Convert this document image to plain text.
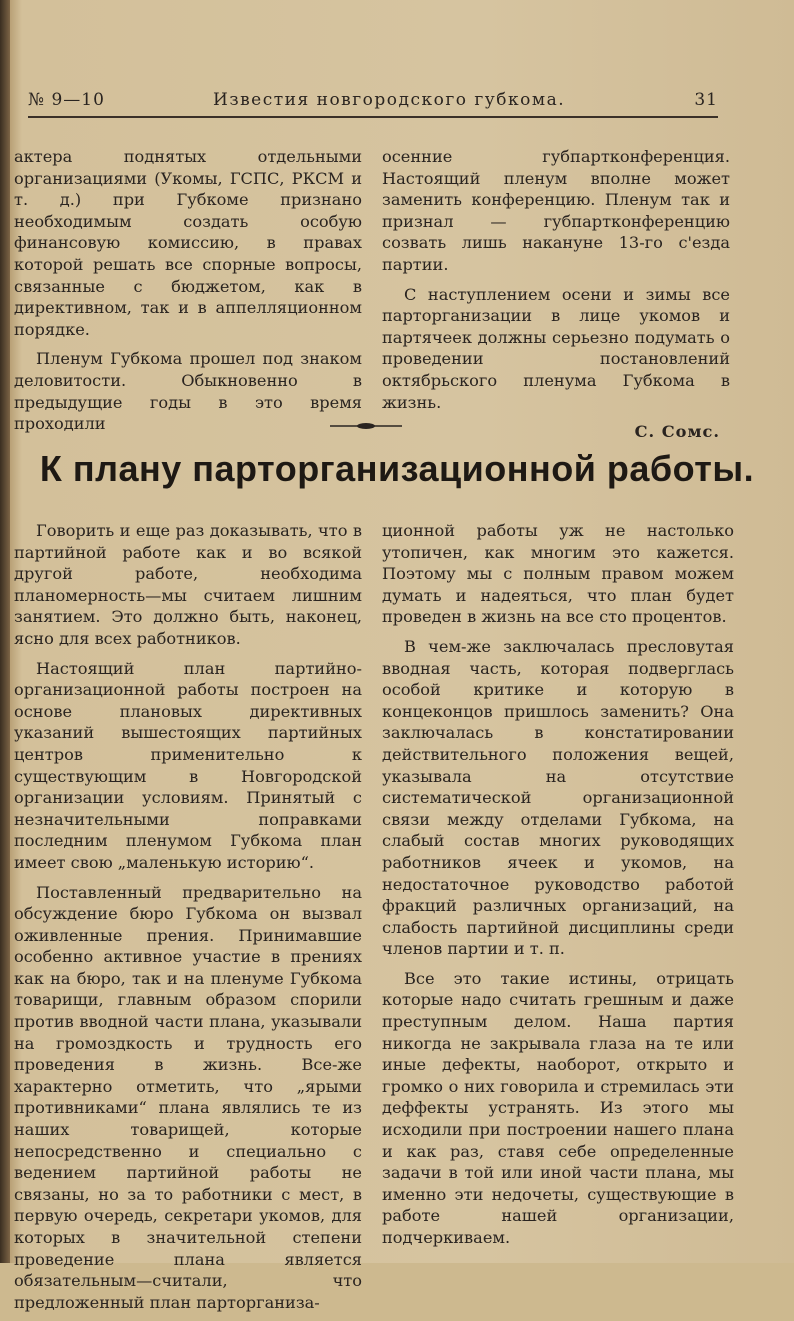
№ 9—10	Известия новгородского губкома.	31

актера поднятых отдельными организациями (Укомы, ГСПС, РКСМ и т. д.) при Губкоме признано необходимым создать особую финансовую комиссию, в правах которой решать все спорные вопросы, связанные с бюджетом, как в директивном, так и в аппелляционном порядке.

Пленум Губкома прошел под знаком деловитости. Обыкновенно в предыдущие годы в это время проходили

осенние губпартконференция. Настоящий пленум вполне может заменить конференцию. Пленум так и признал — губпартконференцию созвать лишь накануне 13-го с'езда партии.

С наступлением осени и зимы все парторганизации в лице укомов и партячеек должны серьезно подумать о проведении постановлений октябрьского пленума Губкома в жизнь.

С. Сомс.
К плану парторганизационной работы.

Говорить и еще раз доказывать, что в партийной работе как и во всякой другой работе, необходима планомерность—мы считаем лишним занятием. Это должно быть, наконец, ясно для всех работников.

Настоящий план партийно-организационной работы построен на основе плановых директивных указаний вышестоящих партийных центров применительно к существующим в Новгородской организации условиям. Принятый с незначительными поправками последним пленумом Губкома план имеет свою „маленькую историю“.

Поставленный предварительно на обсуждение бюро Губкома он вызвал оживленные прения. Принимавшие особенно активное участие в прениях как на бюро, так и на пленуме Губкома товарищи, главным образом спорили против вводной части плана, указывали на громоздкость и трудность его проведения в жизнь. Все-же характерно отметить, что „ярыми противниками“ плана являлись те из наших товарищей, которые непосредственно и специально с ведением партийной работы не связаны, но за то работники с мест, в первую очередь, секретари укомов, для которых в значительной степени проведение плана является обязательным—считали, что предложенный план парторганиза-

ционной работы уж не настолько утопичен, как многим это кажется. Поэтому мы с полным правом можем думать и надеяться, что план будет проведен в жизнь на все сто процентов.

В чем-же заключалась пресловутая вводная часть, которая подверглась особой критике и которую в концеконцов пришлось заменить? Она заключалась в констатировании действительного положения вещей, указывала на отсутствие систематической организационной связи между отделами Губкома, на слабый состав многих руководящих работников ячеек и укомов, на недостаточное руководство работой фракций различных организаций, на слабость партийной дисциплины среди членов партии и т. п.

Все это такие истины, отрицать которые надо считать грешным и даже преступным делом. Наша партия никогда не закрывала глаза на те или иные дефекты, наоборот, открыто и громко о них говорила и стремилась эти деффекты устранять. Из этого мы исходили при построении нашего плана и как раз, ставя себе определенные задачи в той или иной части плана, мы именно эти недочеты, существующие в работе нашей организации, подчеркиваем.
